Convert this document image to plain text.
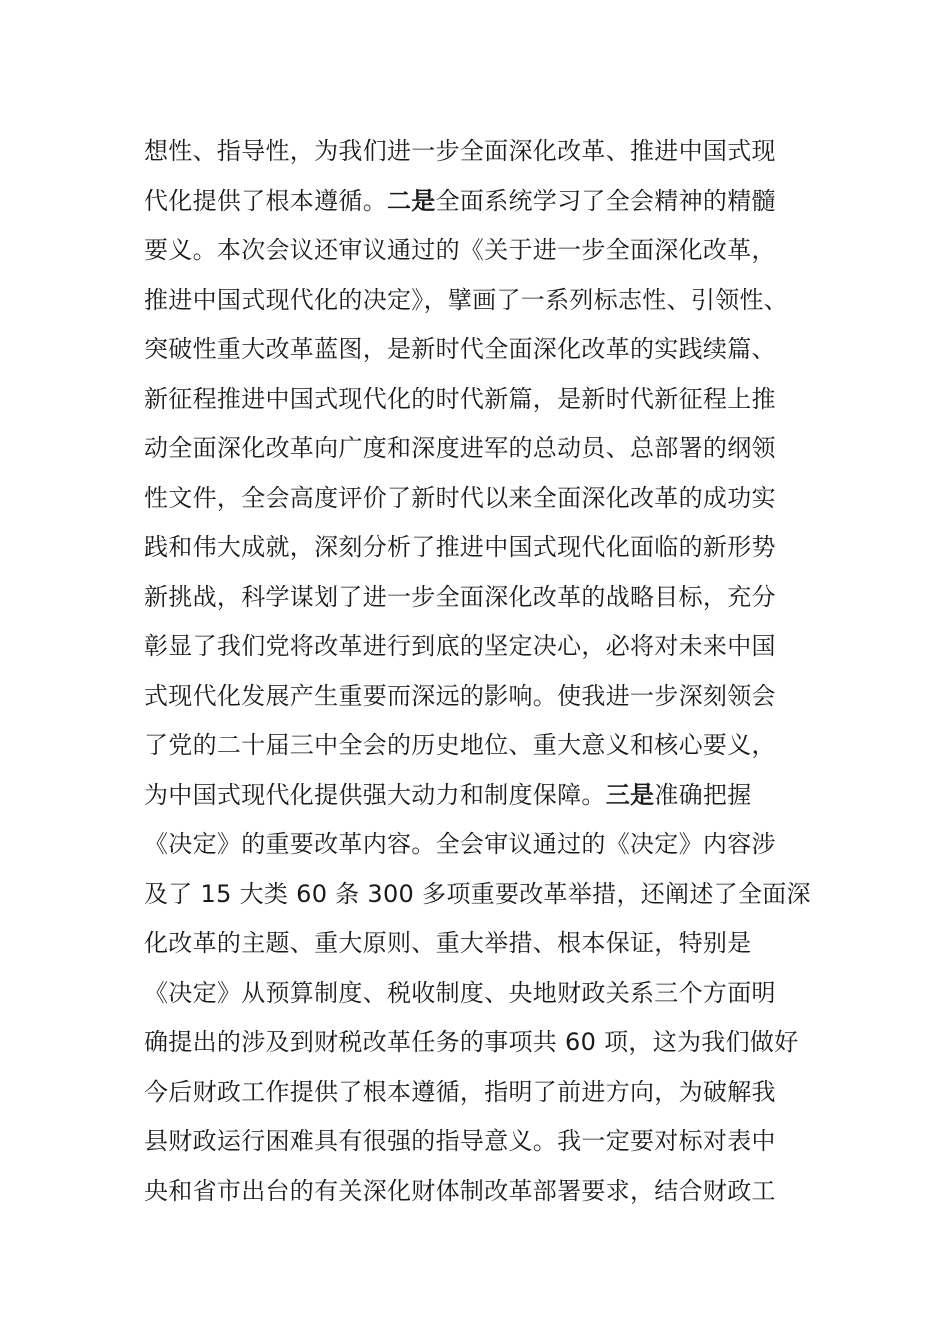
想性、指导性，为我们进一步全面深化改革、推进中国式现
代化提供了根本遵循。二是全面系统学习了全会精神的精髓
要义。本次会议还审议通过的《关于进一步全面深化改革，
推进中国式现代化的决定》，擘画了一系列标志性、引领性、
突破性重大改革蓝图，是新时代全面深化改革的实践续篇、
新征程推进中国式现代化的时代新篇，是新时代新征程上推
动全面深化改革向广度和深度进军的总动员、总部署的纲领
性文件，全会高度评价了新时代以来全面深化改革的成功实
践和伟大成就，深刻分析了推进中国式现代化面临的新形势
新挑战，科学谋划了进一步全面深化改革的战略目标，充分
彰显了我们党将改革进行到底的坚定决心，必将对未来中国
式现代化发展产生重要而深远的影响。使我进一步深刻领会
了党的二十届三中全会的历史地位、重大意义和核心要义，
为中国式现代化提供强大动力和制度保障。三是准确把握
《决定》的重要改革内容。全会审议通过的《决定》内容涉
及了 15 大类 60 条 300 多项重要改革举措，还阐述了全面深
化改革的主题、重大原则、重大举措、根本保证，特别是
《决定》从预算制度、税收制度、央地财政关系三个方面明
确提出的涉及到财税改革任务的事项共 60 项，这为我们做好
今后财政工作提供了根本遵循，指明了前进方向，为破解我
县财政运行困难具有很强的指导意义。我一定要对标对表中
央和省市出台的有关深化财体制改革部署要求，结合财政工
